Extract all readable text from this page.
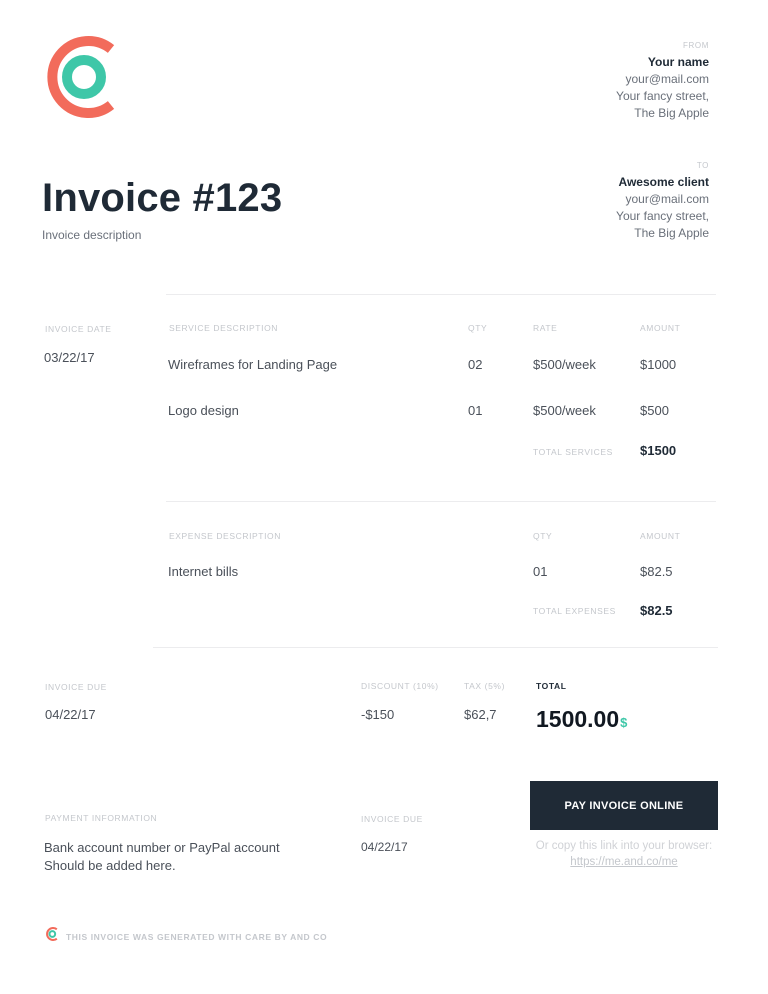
FROM
Your name
your@mail.com
Your fancy street,
The Big Apple
TO
Awesome client
your@mail.com
Your fancy street,
The Big Apple
Invoice #123
Invoice description
INVOICE DATE
03/22/17
SERVICE DESCRIPTION	QTY	RATE	AMOUNT
Wireframes for Landing Page	02	$500/week	$1000
Logo design	01	$500/week	$500
TOTAL SERVICES $1500
EXPENSE DESCRIPTION	QTY	AMOUNT
Internet bills	01	$82.5
TOTAL EXPENSES $82.5
INVOICE DUE
04/22/17
DISCOUNT (10%)
-$150
TAX (5%)
$62,7
TOTAL
1500.00$
PAYMENT INFORMATION
Bank account number or PayPal account
Should be added here.
INVOICE DUE
04/22/17
PAY INVOICE ONLINE
Or copy this link into your browser: https://me.and.co/me
THIS INVOICE WAS GENERATED WITH CARE BY AND CO
